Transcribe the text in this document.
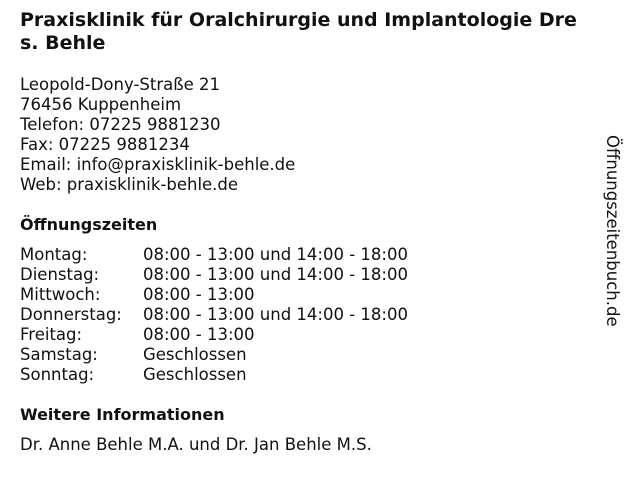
Praxisklinik für Oralchirurgie und Implantologie Dres. Behle
Leopold-Dony-Straße 21
76456 Kuppenheim
Telefon: 07225 9881230
Fax: 07225 9881234
Email: info@praxisklinik-behle.de
Web: praxisklinik-behle.de
Öffnungszeiten
Montag:	08:00 - 13:00 und 14:00 - 18:00
Dienstag:	08:00 - 13:00 und 14:00 - 18:00
Mittwoch:	08:00 - 13:00
Donnerstag:	08:00 - 13:00 und 14:00 - 18:00
Freitag:	08:00 - 13:00
Samstag:	Geschlossen
Sonntag:	Geschlossen
Weitere Informationen
Dr. Anne Behle M.A. und Dr. Jan Behle M.S.
Öffnungszeitenbuch.de
